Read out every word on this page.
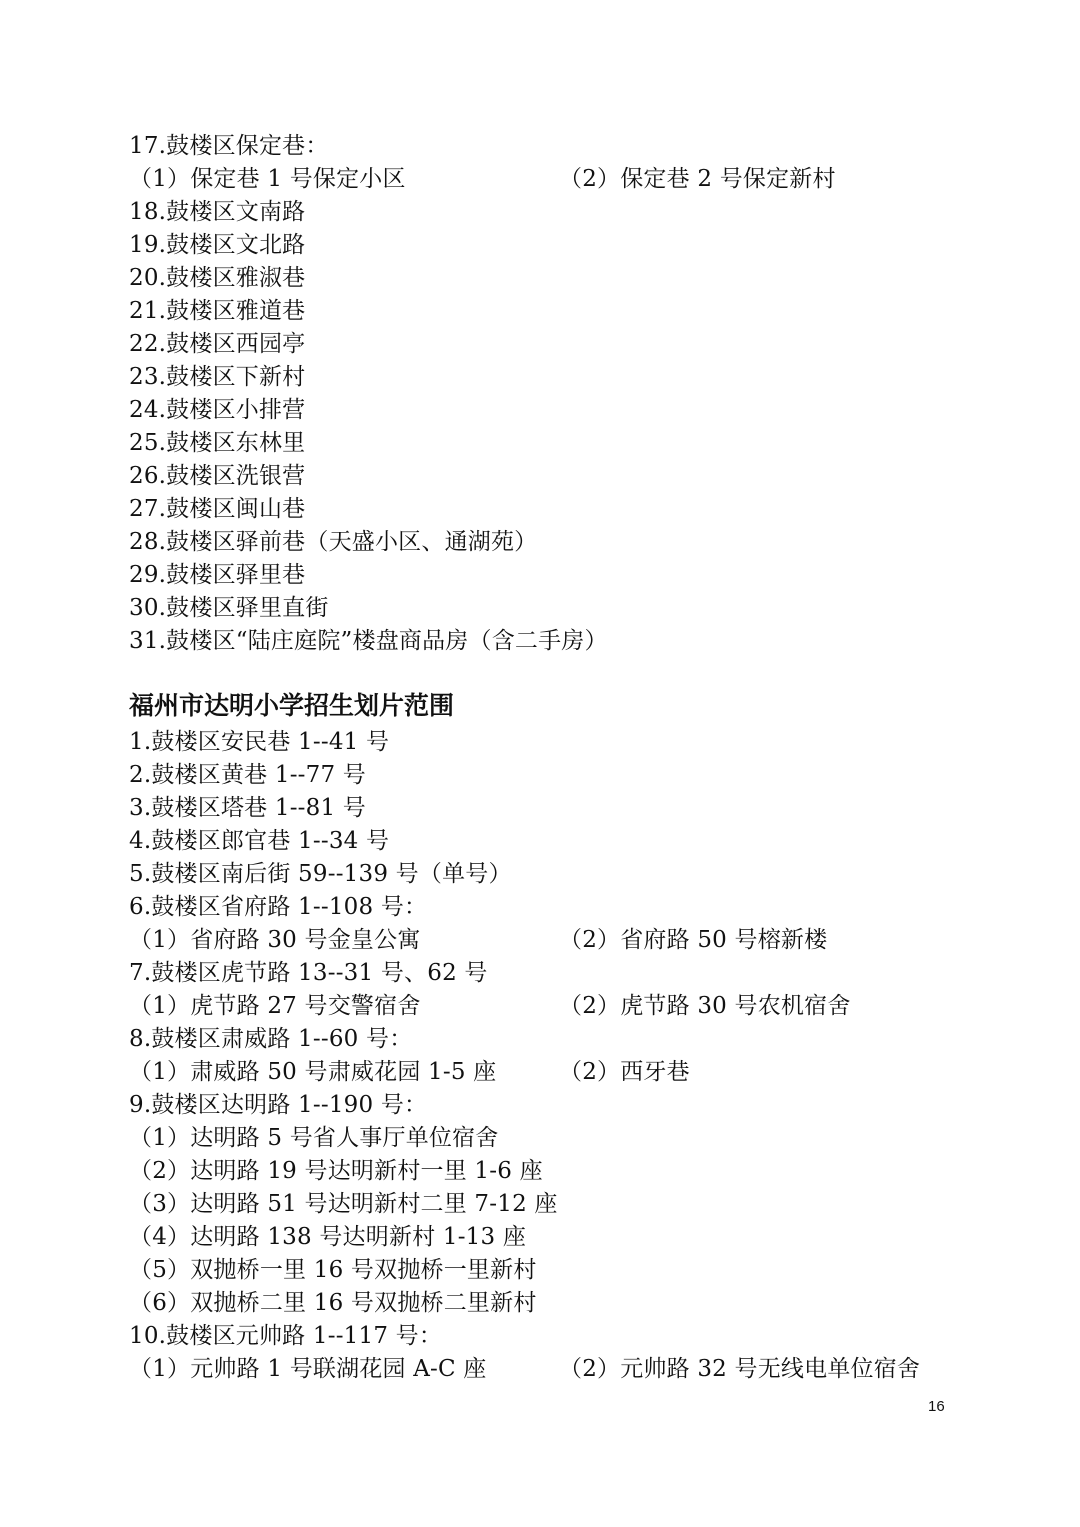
17.鼓楼区保定巷：
（1）保定巷 1 号保定小区	（2）保定巷 2 号保定新村
18.鼓楼区文南路
19.鼓楼区文北路
20.鼓楼区雅淑巷
21.鼓楼区雅道巷
22.鼓楼区西园亭
23.鼓楼区下新村
24.鼓楼区小排营
25.鼓楼区东林里
26.鼓楼区洗银营
27.鼓楼区闽山巷
28.鼓楼区驿前巷（天盛小区、通湖苑）
29.鼓楼区驿里巷
30.鼓楼区驿里直街
31.鼓楼区“陆庄庭院”楼盘商品房（含二手房）
福州市达明小学招生划片范围
1.鼓楼区安民巷 1--41 号
2.鼓楼区黄巷 1--77 号
3.鼓楼区塔巷 1--81 号
4.鼓楼区郎官巷 1--34 号
5.鼓楼区南后街 59--139 号（单号）
6.鼓楼区省府路 1--108 号：
（1）省府路 30 号金皇公寓	（2）省府路 50 号榕新楼
7.鼓楼区虎节路 13--31 号、62 号
（1）虎节路 27 号交警宿舍	（2）虎节路 30 号农机宿舍
8.鼓楼区肃威路 1--60 号：
（1）肃威路 50 号肃威花园 1-5 座	（2）西牙巷
9.鼓楼区达明路 1--190 号：
（1）达明路 5 号省人事厅单位宿舍
（2）达明路 19 号达明新村一里 1-6 座
（3）达明路 51 号达明新村二里 7-12 座
（4）达明路 138 号达明新村 1-13 座
（5）双抛桥一里 16 号双抛桥一里新村
（6）双抛桥二里 16 号双抛桥二里新村
10.鼓楼区元帅路 1--117 号：
（1）元帅路 1 号联湖花园 A-C 座	（2）元帅路 32 号无线电单位宿舍
16
